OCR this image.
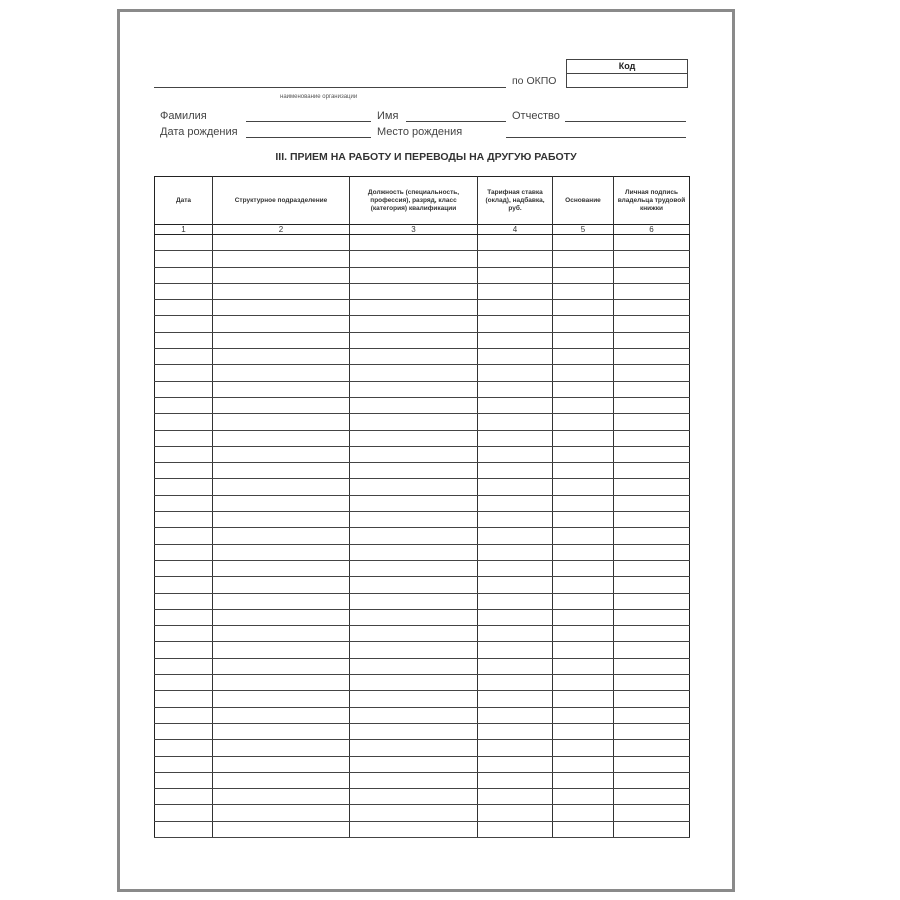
наименование организации
по ОКПО
Код
Фамилия	Имя	Отчество
Дата рождения	Место рождения
III. ПРИЕМ НА РАБОТУ И ПЕРЕВОДЫ НА ДРУГУЮ РАБОТУ
Дата	Структурное подразделение	Должность (специальность, профессия), разряд, класс (категория) квалификации	Тарифная ставка (оклад), надбавка, руб.	Основание	Личная подпись владельца трудовой книжки
1	2	3	4	5	6
